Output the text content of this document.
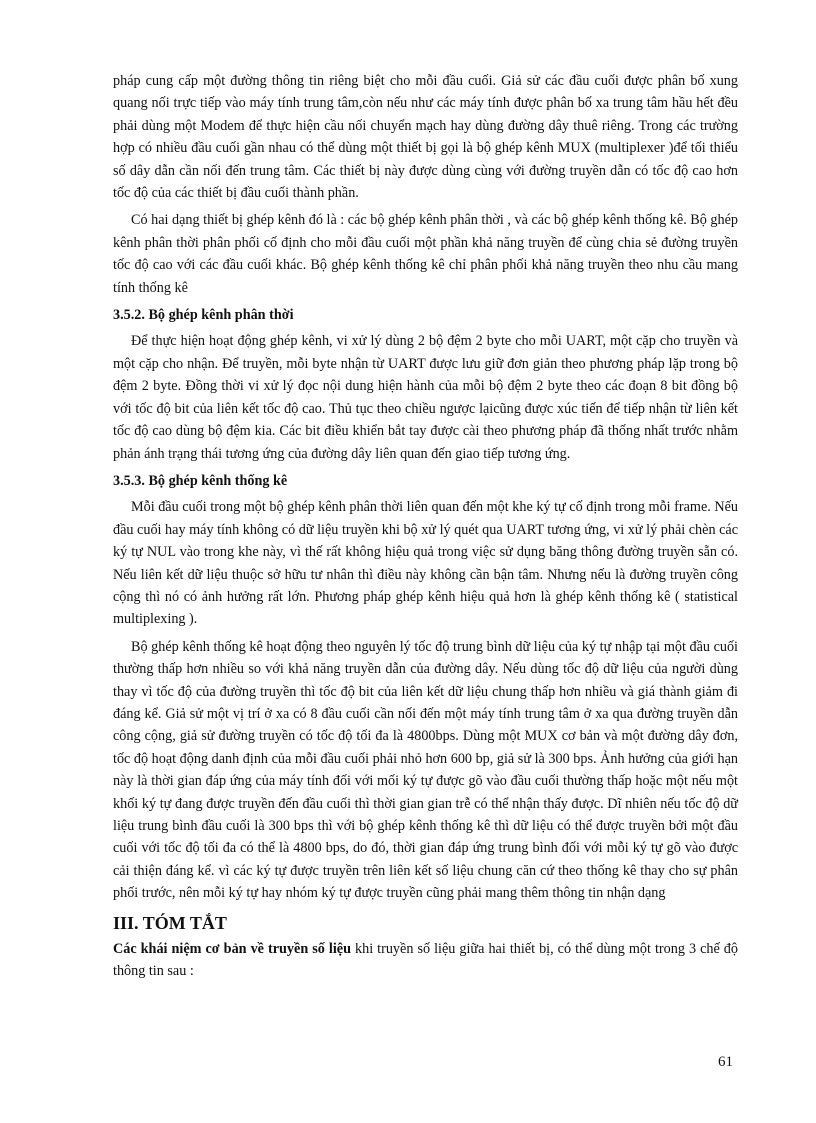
pháp cung cấp một đường thông tin riêng biệt cho mỗi đầu cuối. Giả sử các đầu cuối được phân bố xung quang nối trực tiếp vào máy tính trung tâm,còn nếu như các máy tính được phân bố xa trung tâm hầu hết đều phải dùng một Modem để thực hiện cầu nối chuyển mạch hay dùng đường dây thuê riêng. Trong các trường hợp có nhiều đầu cuối gần nhau có thể dùng một thiết bị gọi là bộ ghép kênh MUX (multiplexer )để tối thiểu số dây dẫn cần nối đến trung tâm. Các thiết bị này được dùng cùng với đường truyền dẫn có tốc độ cao hơn tốc độ của các thiết bị đầu cuối thành phần.

Có hai dạng thiết bị ghép kênh đó là : các bộ ghép kênh phân thời , và các bộ ghép kênh thống kê. Bộ ghép kênh phân thời phân phối cố định cho mỗi đầu cuối một phần khả năng truyền để cùng chia sẻ đường truyền tốc độ cao với các đầu cuối khác. Bộ ghép kênh thống kê chỉ phân phối khả năng truyền theo nhu cầu mang tính thống kê

3.5.2. Bộ ghép kênh phân thời

Để thực hiện hoạt động ghép kênh, vi xử lý dùng 2 bộ đệm 2 byte cho mỗi UART, một cặp cho truyền và một cặp cho nhận. Để truyền, mỗi byte nhận từ UART được lưu giữ đơn giản theo phương pháp lặp trong bộ đệm 2 byte. Đồng thời vi xử lý đọc nội dung hiện hành của mỗi bộ đệm 2 byte theo các đoạn 8 bit đồng bộ với tốc độ bit của liên kết tốc độ cao. Thủ tục theo chiều ngược lạicũng được xúc tiến để tiếp nhận từ liên kết tốc độ cao dùng bộ đệm kia. Các bit điều khiển bắt tay được cài theo phương pháp đã thống nhất trước nhằm phản ánh trạng thái tương ứng của đường dây liên quan đến giao tiếp tương ứng.

3.5.3. Bộ ghép kênh thống kê

Mỗi đầu cuối trong một bộ ghép kênh phân thời liên quan đến một khe ký tự cố định trong mỗi frame. Nếu đầu cuối hay máy tính không có dữ liệu truyền khi bộ xử lý quét qua UART tương ứng, vi xử lý phải chèn các ký tự NUL vào trong khe này, vì thế rất không hiệu quả trong việc sử dụng băng thông đường truyền sẵn có. Nếu liên kết dữ liệu thuộc sở hữu tư nhân thì điều này không cần bận tâm. Nhưng nếu là đường truyền công cộng thì nó có ảnh hưởng rất lớn. Phương pháp ghép kênh hiệu quả hơn là ghép kênh thống kê ( statistical multiplexing ).

Bộ ghép kênh thống kê hoạt động theo nguyên lý tốc độ trung bình dữ liệu của ký tự nhập tại một đầu cuối thường thấp hơn nhiều so với khả năng truyền dẫn của đường dây. Nếu dùng tốc độ dữ liệu của người dùng thay vì tốc độ của đường truyền thì tốc độ bit của liên kết dữ liệu chung thấp hơn nhiều và giá thành giảm đi đáng kể. Giả sử một vị trí ở xa có 8 đầu cuối cần nối đến một máy tính trung tâm ở xa qua đường truyền dẫn công cộng, giả sử đường truyền có tốc độ tối đa là 4800bps. Dùng một MUX cơ bản và một đường dây đơn, tốc độ hoạt động danh định của mỗi đầu cuối phải nhỏ hơn 600 bp, giả sử là 300 bps. Ảnh hưởng của giới hạn này là thời gian đáp ứng của máy tính đối với mối ký tự được gõ vào đầu cuối thường thấp hoặc một nếu một khối ký tự đang được truyền đến đầu cuối thì thời gian gian trễ có thể nhận thấy được. Dĩ nhiên nếu tốc độ dữ liệu trung bình đầu cuối là 300 bps thì với bộ ghép kênh thống kê thì dữ liệu có thể được truyền bởi một đầu cuối với tốc độ tối đa có thể là 4800 bps, do đó, thời gian đáp ứng trung bình đối với mỗi ký tự gõ vào được cải thiện đáng kể. vì các ký tự được truyền trên liên kết số liệu chung căn cứ theo thống kê thay cho sự phân phối trước, nên mỗi ký tự hay nhóm ký tự được truyền cũng phải mang thêm thông tin nhận dạng

III. TÓM TẮT

Các khái niệm cơ bản về truyền số liệu khi truyền số liệu giữa hai thiết bị, có thể dùng một trong 3 chế độ thông tin sau :

61
